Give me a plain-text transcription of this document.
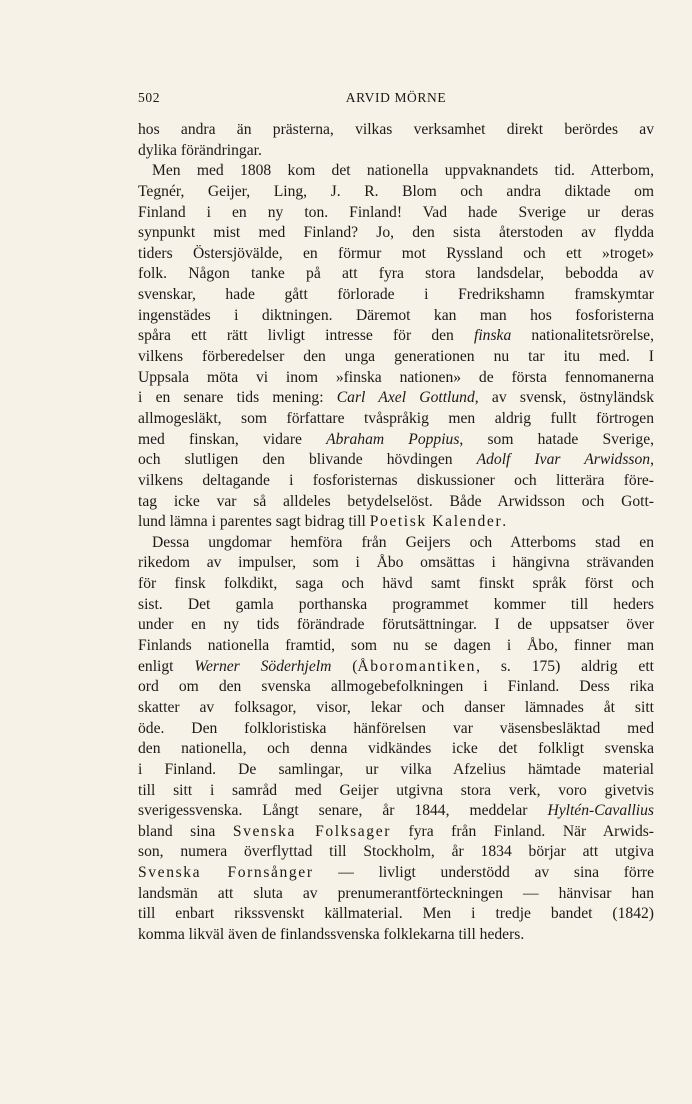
502	ARVID MÖRNE
hos andra än prästerna, vilkas verksamhet direkt berördes av
dylika förändringar.
Men med 1808 kom det nationella uppvaknandets tid. Atterbom,
Tegnér, Geijer, Ling, J. R. Blom och andra diktade om
Finland i en ny ton. Finland! Vad hade Sverige ur deras
synpunkt mist med Finland? Jo, den sista återstoden av flydda
tiders Östersjövälde, en förmur mot Ryssland och ett »troget»
folk. Någon tanke på att fyra stora landsdelar, bebodda av
svenskar, hade gått förlorade i Fredrikshamn framskymtar
ingenstädes i diktningen. Däremot kan man hos fosforisterna
spåra ett rätt livligt intresse för den finska nationalitetsrörelse,
vilkens förberedelser den unga generationen nu tar itu med. I
Uppsala möta vi inom »finska nationen» de första fennomanerna
i en senare tids mening: Carl Axel Gottlund, av svensk, östnyländsk
allmogesläkt, som författare tvåspråkig men aldrig fullt förtrogen
med finskan, vidare Abraham Poppius, som hatade Sverige,
och slutligen den blivande hövdingen Adolf Ivar Arwidsson,
vilkens deltagande i fosforisternas diskussioner och litterära före-
tag icke var så alldeles betydelselöst. Både Arwidsson och Gott-
lund lämna i parentes sagt bidrag till Poetisk Kalender.
Dessa ungdomar hemföra från Geijers och Atterboms stad en
rikedom av impulser, som i Åbo omsättas i hängivna strävanden
för finsk folkdikt, saga och hävd samt finskt språk först och
sist. Det gamla porthanska programmet kommer till heders
under en ny tids förändrade förutsättningar. I de uppsatser över
Finlands nationella framtid, som nu se dagen i Åbo, finner man
enligt Werner Söderhjelm (Åboromantiken, s. 175) aldrig ett
ord om den svenska allmogebefolkningen i Finland. Dess rika
skatter av folksagor, visor, lekar och danser lämnades åt sitt
öde. Den folkloristiska hänförelsen var väsensbesläktad med
den nationella, och denna vidkändes icke det folkligt svenska
i Finland. De samlingar, ur vilka Afzelius hämtade material
till sitt i samråd med Geijer utgivna stora verk, voro givetvis
sverigessvenska. Långt senare, år 1844, meddelar Hyltén-Cavallius
bland sina Svenska Folksager fyra från Finland. När Arwids-
son, numera överflyttad till Stockholm, år 1834 börjar att utgiva
Svenska Fornsånger — livligt understödd av sina förre
landsmän att sluta av prenumerantförteckningen — hänvisar han
till enbart rikssvenskt källmaterial. Men i tredje bandet (1842)
komma likväl även de finlandssvenska folklekarna till heders.
